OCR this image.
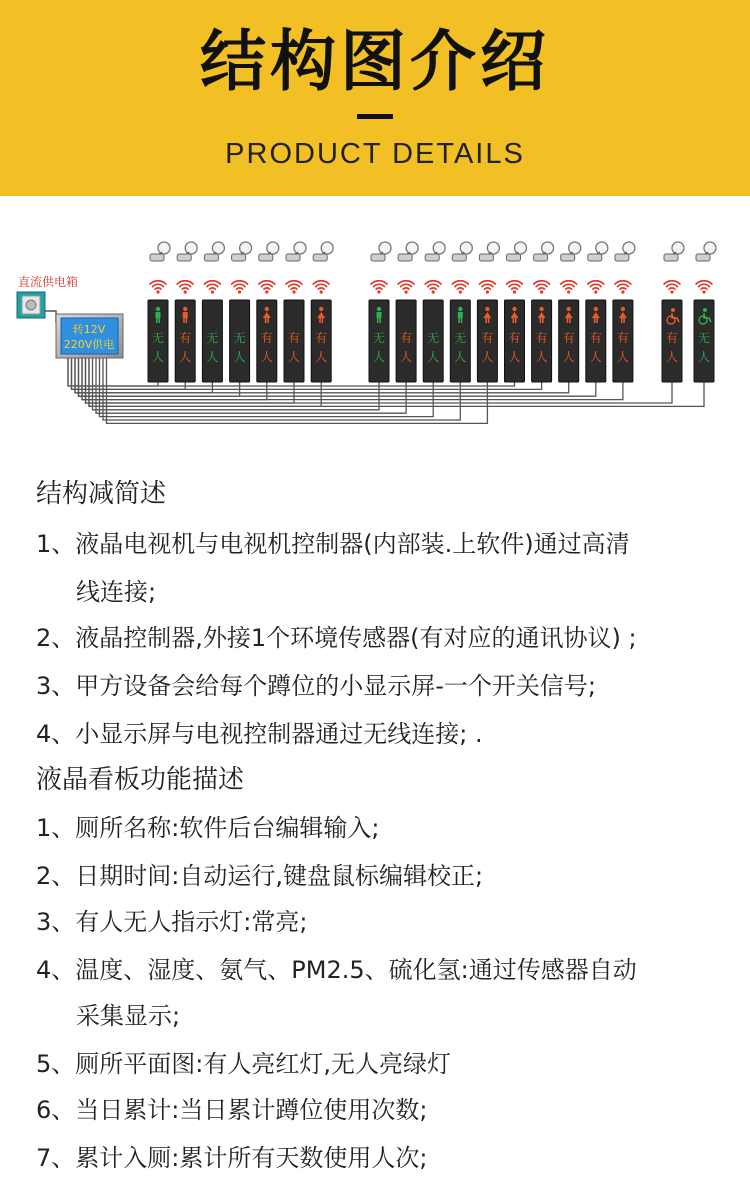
结构图介绍
PRODUCT DETAILS
直流供电箱
转12V
220V供电	无
人
有
人
无
人
无
人
有
人
有
人
有
人
无
人
有
人
无
人
无
人
有
人
有
人
有
人
有
人
有
人
有
人
有
人
无
人
结构减简述
1、液晶电视机与电视机控制器(内部装.上软件)通过高清
线连接;
2、液晶控制器,外接1个环境传感器(有对应的通讯协议) ;
3、甲方设备会给每个蹲位的小显示屏-一个开关信号;
4、小显示屏与电视控制器通过无线连接; .
液晶看板功能描述
1、厕所名称:软件后台编辑输入;
2、日期时间:自动运行,键盘鼠标编辑校正;
3、有人无人指示灯:常亮;
4、温度、湿度、氨气、PM2.5、硫化氢:通过传感器自动
采集显示;
5、厕所平面图:有人亮红灯,无人亮绿灯
6、当日累计:当日累计蹲位使用次数;
7、累计入厕:累计所有天数使用人次;
